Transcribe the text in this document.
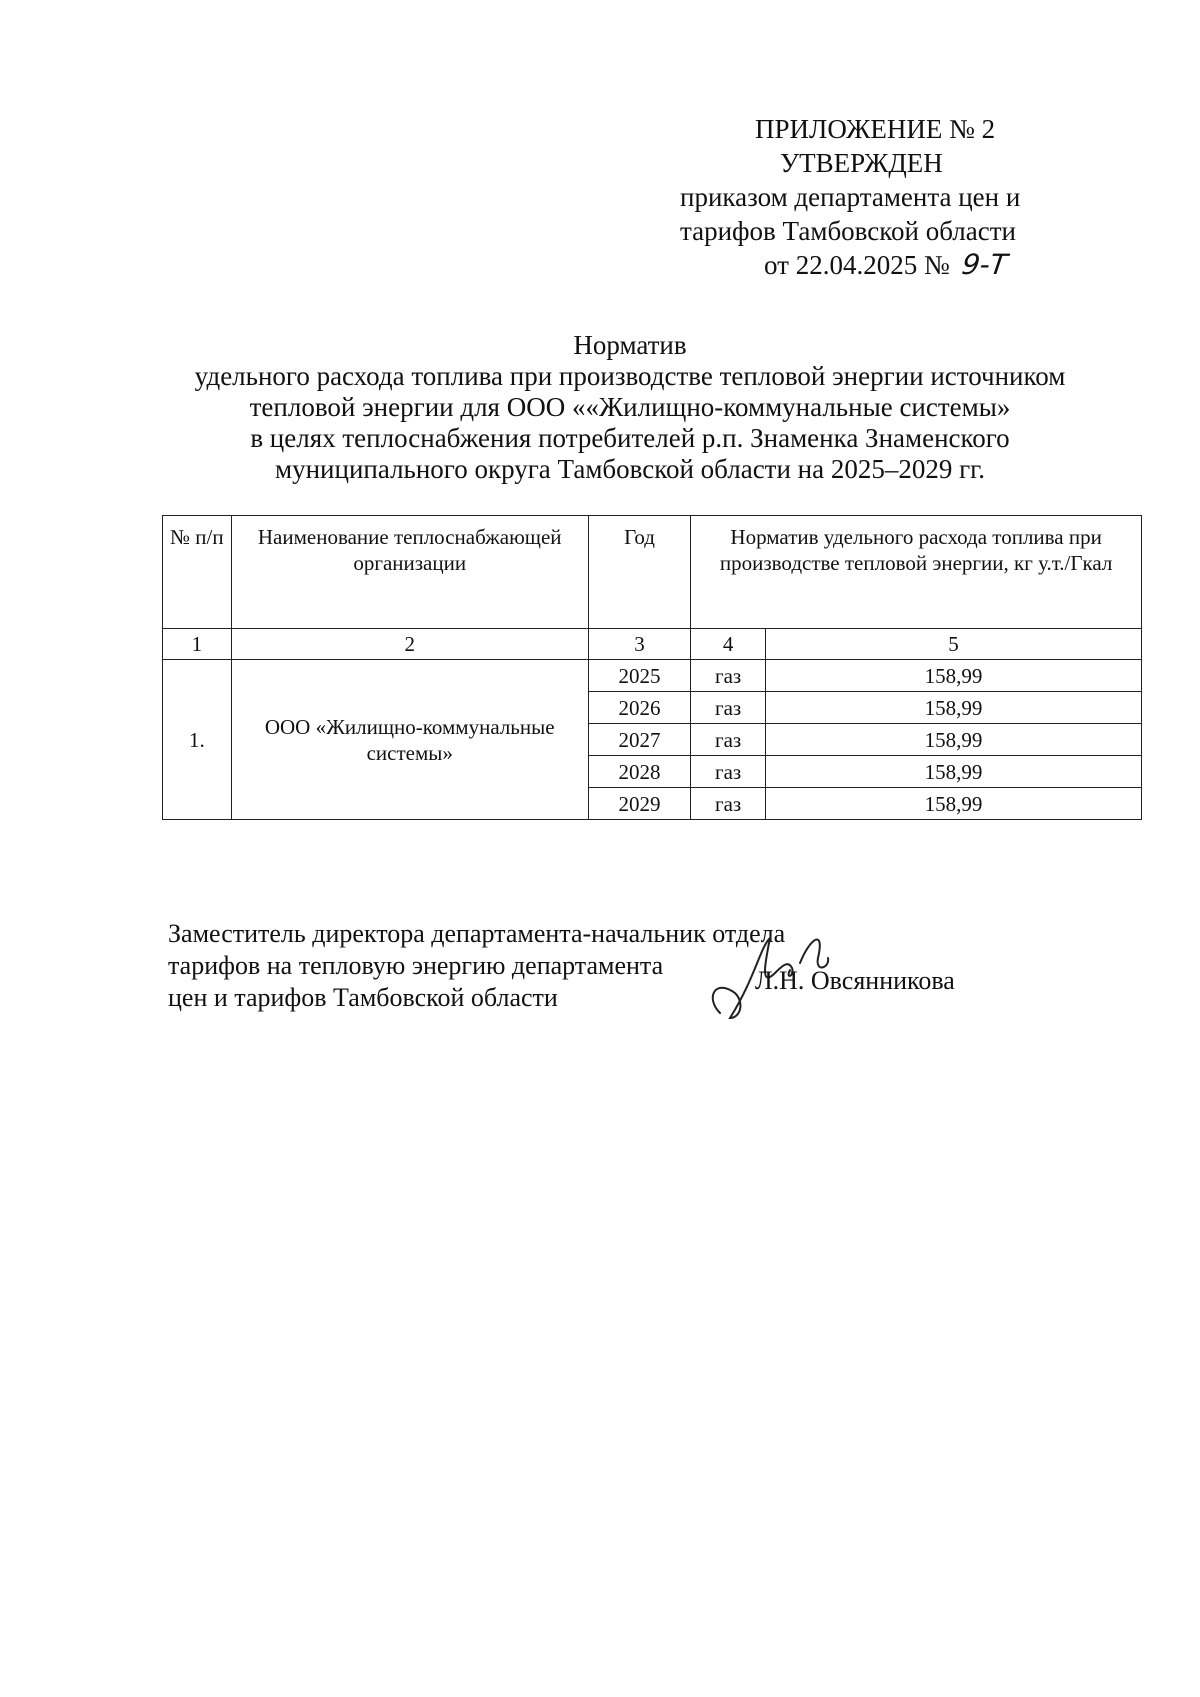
ПРИЛОЖЕНИЕ № 2
УТВЕРЖДЕН
приказом департамента цен и
тарифов Тамбовской области
от 22.04.2025 № 9-Т
Норматив
удельного расхода топлива при производстве тепловой энергии источником
тепловой энергии для ООО ««Жилищно-коммунальные системы»
в целях теплоснабжения потребителей р.п. Знаменка Знаменского
муниципального округа Тамбовской области на 2025–2029 гг.
№ п/п	Наименование теплоснабжающей организации	Год	Норматив удельного расхода топлива при производстве тепловой энергии, кг у.т./Гкал	
1	2	3	4	5
1.	ООО «Жилищно-коммунальные системы»	2025	газ	158,99
		2026	газ	158,99
		2027	газ	158,99
		2028	газ	158,99
		2029	газ	158,99
Заместитель директора департамента-начальник отдела
тарифов на тепловую энергию департамента
цен и тарифов Тамбовской области
Л.Н. Овсянникова
